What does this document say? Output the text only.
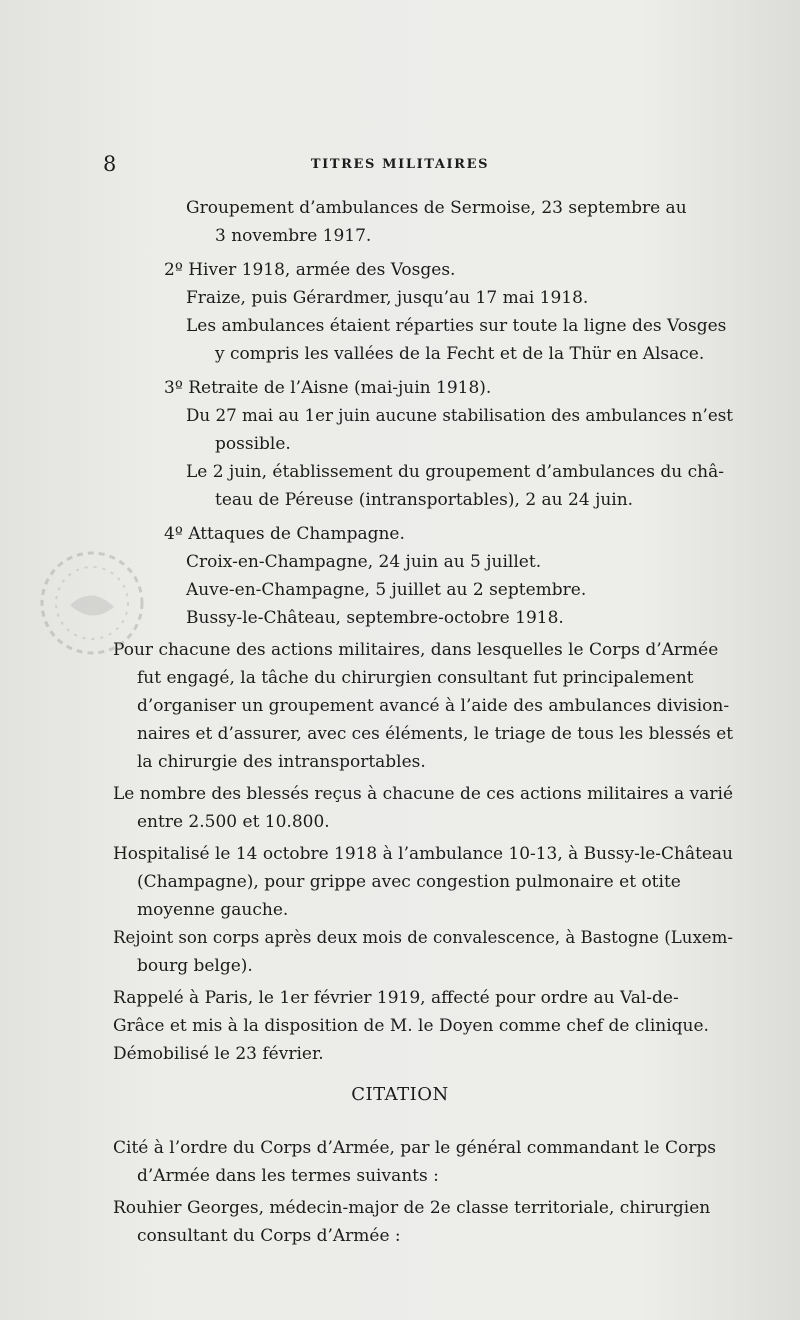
8	TITRES MILITAIRES
Groupement d’ambulances de Sermoise, 23 septembre au
3 novembre 1917.
2º Hiver 1918, armée des Vosges.
Fraize, puis Gérardmer, jusqu’au 17 mai 1918.
Les ambulances étaient réparties sur toute la ligne des Vosges
y compris les vallées de la Fecht et de la Thür en Alsace.
3º Retraite de l’Aisne (mai-juin 1918).
Du 27 mai au 1er juin aucune stabilisation des ambulances n’est
possible.
Le 2 juin, établissement du groupement d’ambulances du châ-
teau de Péreuse (intransportables), 2 au 24 juin.
4º Attaques de Champagne.
Croix-en-Champagne, 24 juin au 5 juillet.
Auve-en-Champagne, 5 juillet au 2 septembre.
Bussy-le-Château, septembre-octobre 1918.
Pour chacune des actions militaires, dans lesquelles le Corps d’Armée
fut engagé, la tâche du chirurgien consultant fut principalement
d’organiser un groupement avancé à l’aide des ambulances division-
naires et d’assurer, avec ces éléments, le triage de tous les blessés et
la chirurgie des intransportables.
Le nombre des blessés reçus à chacune de ces actions militaires a varié
entre 2.500 et 10.800.
Hospitalisé le 14 octobre 1918 à l’ambulance 10-13, à Bussy-le-Château
(Champagne), pour grippe avec congestion pulmonaire et otite
moyenne gauche.
Rejoint son corps après deux mois de convalescence, à Bastogne (Luxem-
bourg belge).
Rappelé à Paris, le 1er février 1919, affecté pour ordre au Val-de-
Grâce et mis à la disposition de M. le Doyen comme chef de clinique.
Démobilisé le 23 février.
Cité à l’ordre du Corps d’Armée, par le général commandant le Corps
d’Armée dans les termes suivants :
Rouhier Georges, médecin-major de 2e classe territoriale, chirurgien
consultant du Corps d’Armée :
CITATION
